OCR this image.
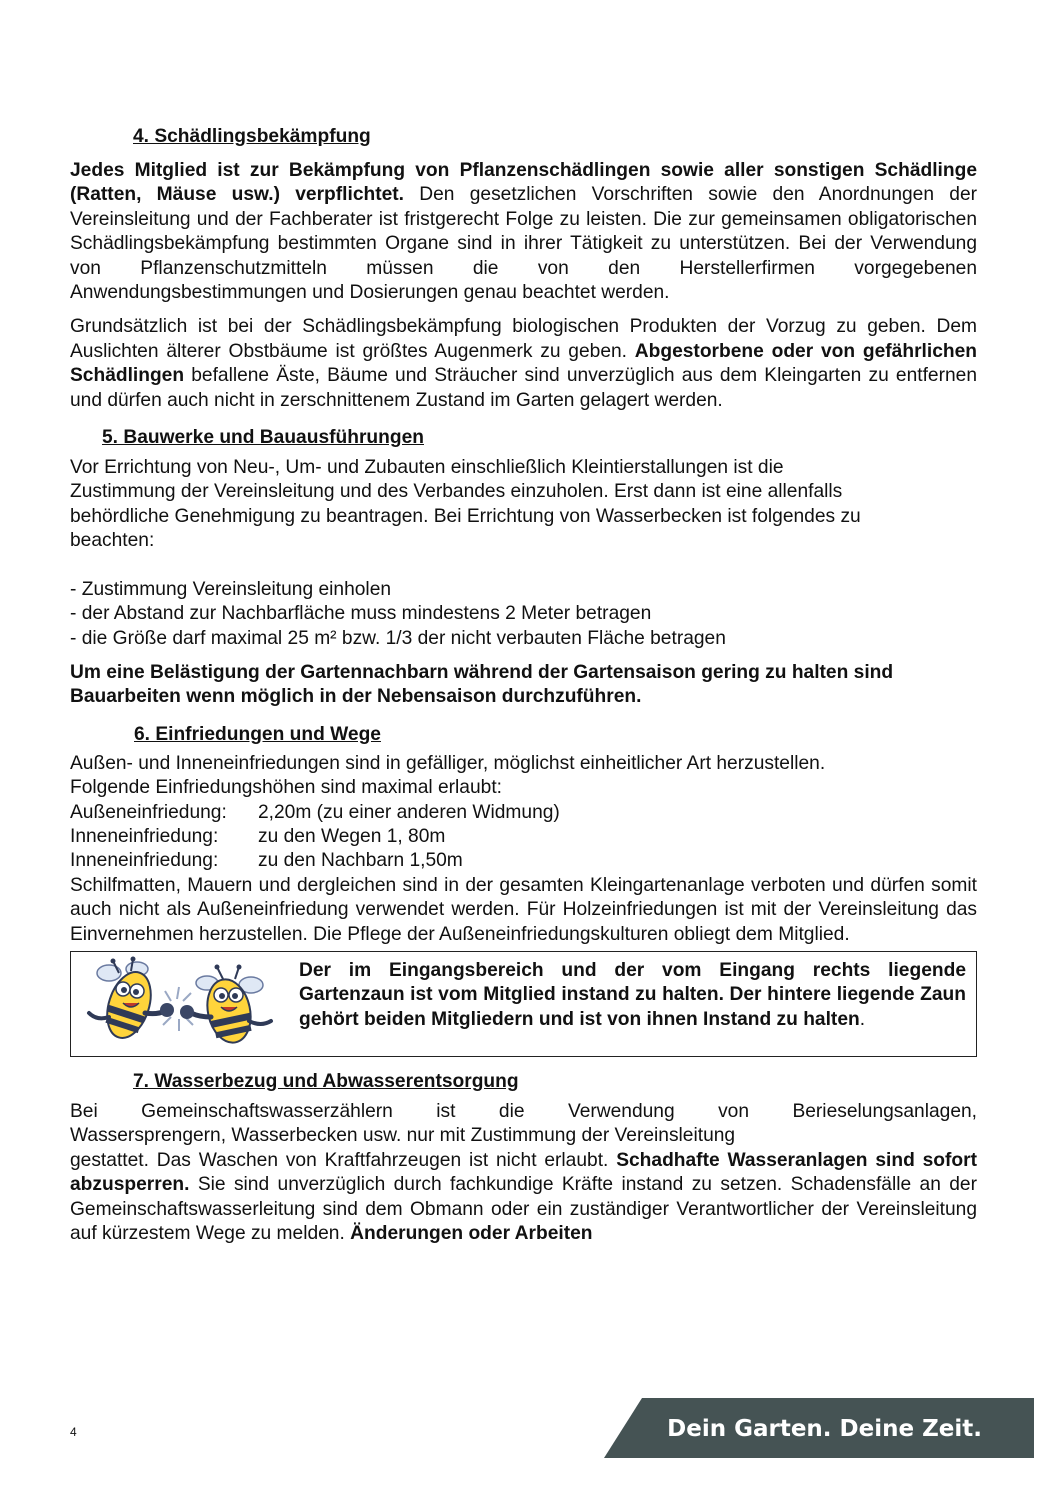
4. Schädlingsbekämpfung

Jedes Mitglied ist zur Bekämpfung von Pflanzenschädlingen sowie aller sonstigen Schädlinge (Ratten, Mäuse usw.) verpflichtet. Den gesetzlichen Vorschriften sowie den Anordnungen der Vereinsleitung und der Fachberater ist fristgerecht Folge zu leisten. Die zur gemeinsamen obligatorischen Schädlingsbekämpfung bestimmten Organe sind in ihrer Tätigkeit zu unterstützen. Bei der Verwendung von Pflanzenschutzmitteln müssen die von den Herstellerfirmen vorgegebenen Anwendungsbestimmungen und Dosierungen genau beachtet werden.

Grundsätzlich ist bei der Schädlingsbekämpfung biologischen Produkten der Vorzug zu geben. Dem Auslichten älterer Obstbäume ist größtes Augenmerk zu geben. Abgestorbene oder von gefährlichen Schädlingen befallene Äste, Bäume und Sträucher sind unverzüglich aus dem Kleingarten zu entfernen und dürfen auch nicht in zerschnittenem Zustand im Garten gelagert werden.

5. Bauwerke und Bauausführungen

Vor Errichtung von Neu-, Um- und Zubauten einschließlich Kleintierstallungen ist die
Zustimmung der Vereinsleitung und des Verbandes einzuholen. Erst dann ist eine allenfalls
behördliche Genehmigung zu beantragen. Bei Errichtung von Wasserbecken ist folgendes zu
beachten:

- Zustimmung Vereinsleitung einholen
- der Abstand zur Nachbarfläche muss mindestens 2 Meter betragen
- die Größe darf maximal 25 m² bzw. 1/3 der nicht verbauten Fläche betragen

Um eine Belästigung der Gartennachbarn während der Gartensaison gering zu halten sind
Bauarbeiten wenn möglich in der Nebensaison durchzuführen.

6. Einfriedungen und Wege

Außen- und Inneneinfriedungen sind in gefälliger, möglichst einheitlicher Art herzustellen.
Folgende Einfriedungshöhen sind maximal erlaubt:
Außeneinfriedung: 2,20m (zu einer anderen Widmung)
Inneneinfriedung: zu den Wegen 1, 80m
Inneneinfriedung: zu den Nachbarn 1,50m

Schilfmatten, Mauern und dergleichen sind in der gesamten Kleingartenanlage verboten und dürfen somit auch nicht als Außeneinfriedung verwendet werden. Für Holzeinfriedungen ist mit der Vereinsleitung das Einvernehmen herzustellen. Die Pflege der Außeneinfriedungskulturen obliegt dem Mitglied.

Der im Eingangsbereich und der vom Eingang rechts liegende Gartenzaun ist vom Mitglied instand zu halten. Der hintere liegende Zaun gehört beiden Mitgliedern und ist von ihnen Instand zu halten.

7. Wasserbezug und Abwasserentsorgung

Bei Gemeinschaftswasserzählern ist die Verwendung von Berieselungsanlagen,

Wassersprengern, Wasserbecken usw. nur mit Zustimmung der Vereinsleitung

gestattet. Das Waschen von Kraftfahrzeugen ist nicht erlaubt. Schadhafte Wasseranlagen sind sofort abzusperren. Sie sind unverzüglich durch fachkundige Kräfte instand zu setzen. Schadensfälle an der Gemeinschaftswasserleitung sind dem Obmann oder ein zuständiger Verantwortlicher der Vereinsleitung auf kürzestem Wege zu melden. Änderungen oder Arbeiten

4	Dein Garten. Deine Zeit.
